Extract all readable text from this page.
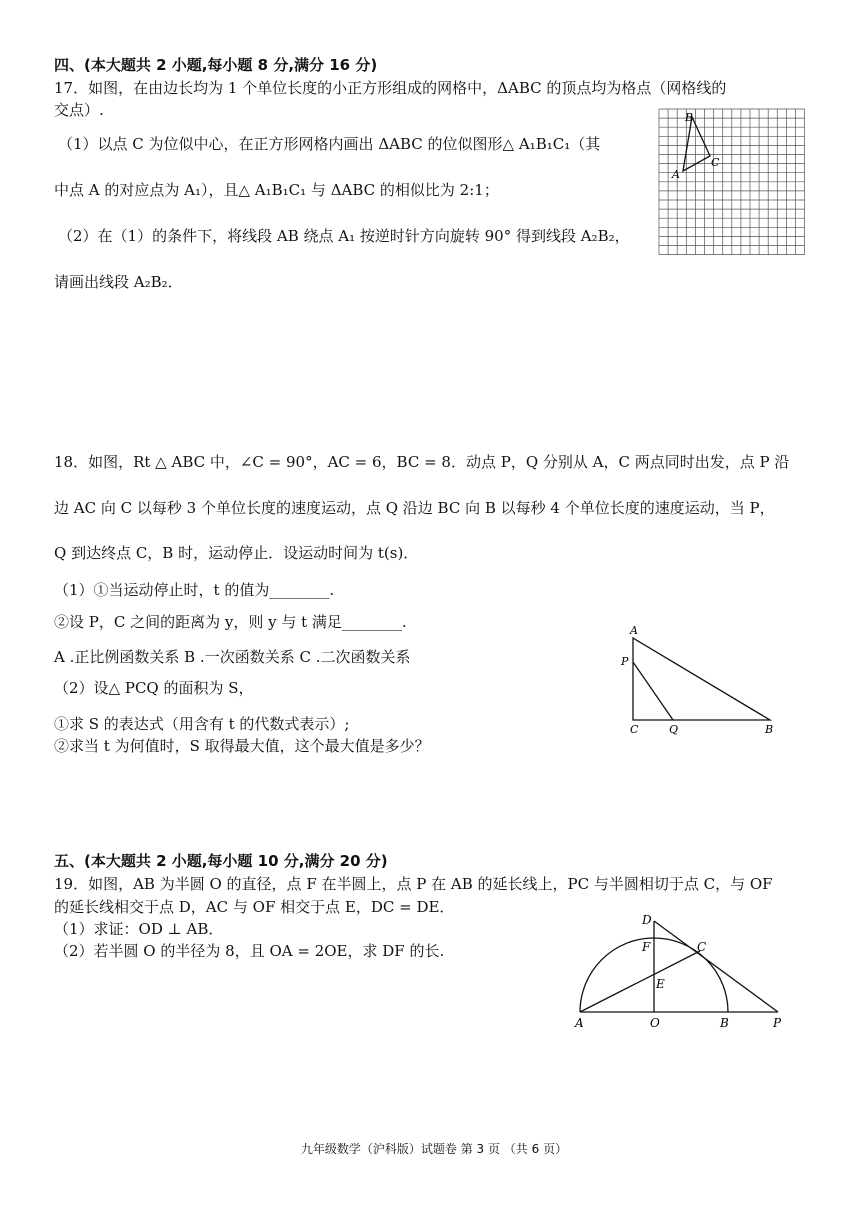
四、(本大题共 2 小题,每小题 8 分,满分 16 分)
17．如图，在由边长均为 1 个单位长度的小正方形组成的网格中，ΔABC 的顶点均为格点（网格线的
交点）.
（1）以点 C 为位似中心，在正方形网格内画出 ΔABC 的位似图形△ A₁B₁C₁（其
中点 A 的对应点为 A₁），且△ A₁B₁C₁ 与 ΔABC 的相似比为 2:1；
（2）在（1）的条件下，将线段 AB 绕点 A₁ 按逆时针方向旋转 90° 得到线段 A₂B₂，
请画出线段 A₂B₂．
B
C
A
18．如图，Rt △ ABC 中，∠C = 90°，AC = 6，BC = 8．动点 P，Q 分别从 A，C 两点同时出发，点 P 沿
边 AC 向 C 以每秒 3 个单位长度的速度运动，点 Q 沿边 BC 向 B 以每秒 4 个单位长度的速度运动，当 P，
Q 到达终点 C，B 时，运动停止．设运动时间为 t(s)．
（1）①当运动停止时，t 的值为________.
②设 P，C 之间的距离为 y，则 y 与 t 满足________.
A .正比例函数关系 B .一次函数关系 C .二次函数关系
（2）设△ PCQ 的面积为 S，
①求 S 的表达式（用含有 t 的代数式表示）;
②求当 t 为何值时，S 取得最大值，这个最大值是多少？
A
P
C	Q	B
五、(本大题共 2 小题,每小题 10 分,满分 20 分)
19．如图，AB 为半圆 O 的直径，点 F 在半圆上，点 P 在 AB 的延长线上，PC 与半圆相切于点 C，与 OF
的延长线相交于点 D，AC 与 OF 相交于点 E，DC = DE．
（1）求证：OD ⊥ AB．
（2）若半圆 O 的半径为 8，且 OA = 2OE，求 DF 的长.
D
F	C
E
A	O	B	P
九年级数学（沪科版）试题卷 第 3 页 （共 6 页）
